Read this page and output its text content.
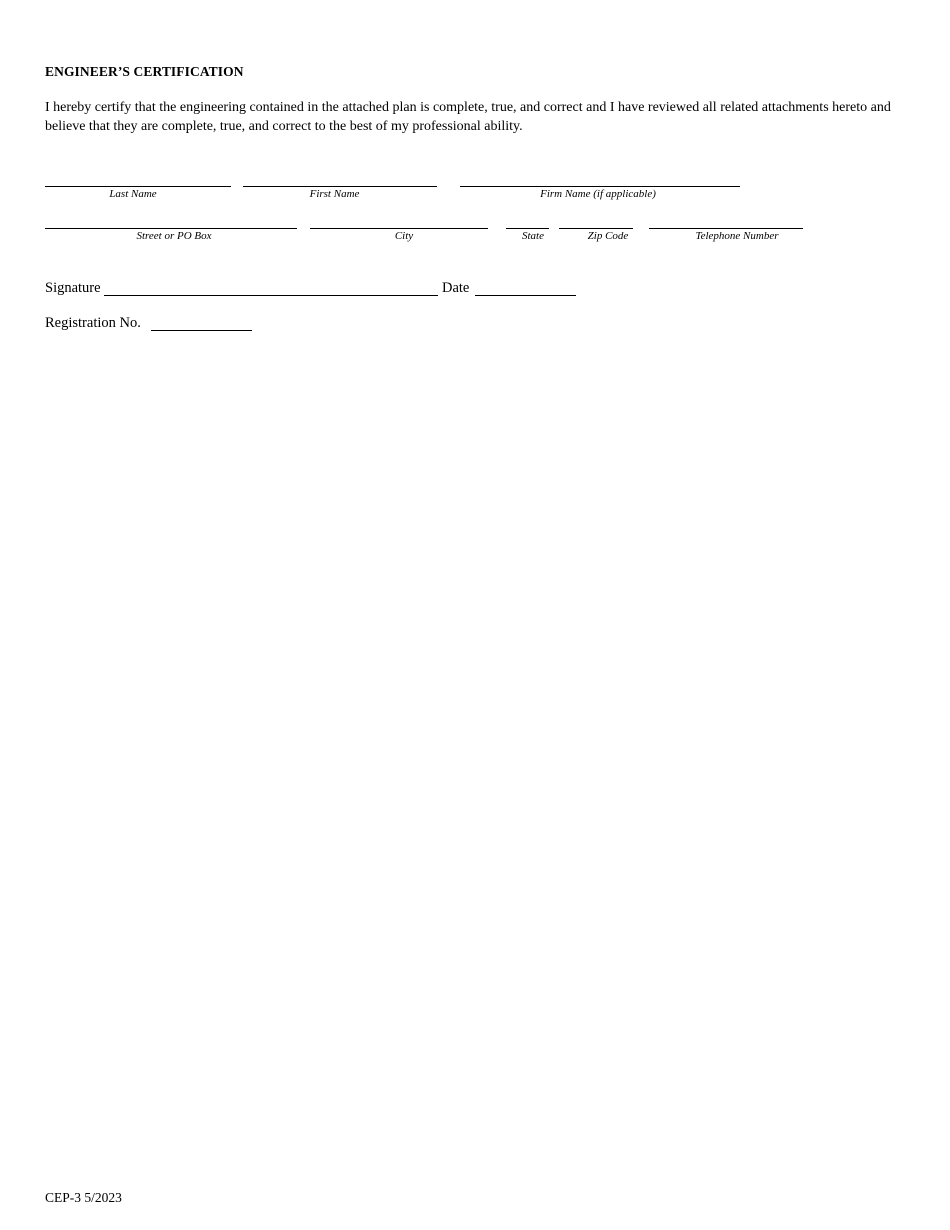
ENGINEER’S CERTIFICATION
I hereby certify that the engineering contained in the attached plan is complete, true, and correct and I have reviewed all related attachments hereto and believe that they are complete, true, and correct to the best of my professional ability.
Last Name	First Name	Firm Name (if applicable)
Street or PO Box	City	State	Zip Code	Telephone Number
Signature	Date
Registration No.
CEP-3 5/2023
